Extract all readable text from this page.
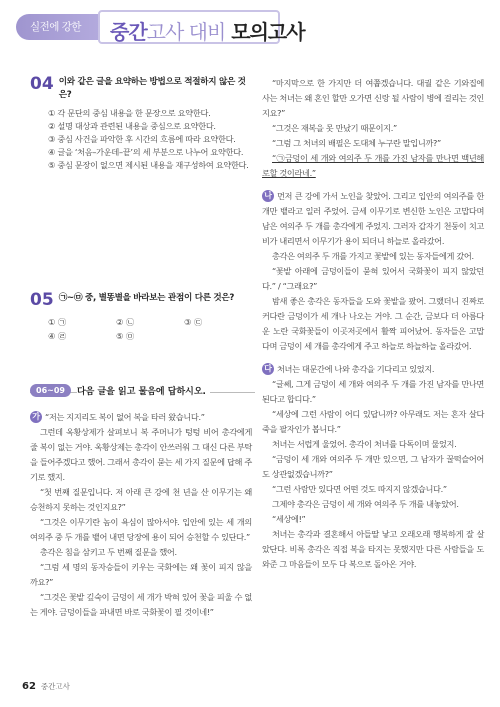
실전에 강한 중간고사 대비 모의고사
04 이와 같은 글을 요약하는 방법으로 적절하지 않은 것은?
① 각 문단의 중심 내용을 한 문장으로 요약한다.
② 설명 대상과 관련된 내용을 중심으로 요약한다.
③ 중심 사건을 파악한 후 시간의 흐름에 따라 요약한다.
④ 글을 ‘처음–가운데–끝’의 세 부분으로 나누어 요약한다.
⑤ 중심 문장이 없으면 제시된 내용을 재구성하여 요약한다.
05 ㉠~㉤ 중, 별똥별을 바라보는 관점이 다른 것은?
① ㉠	② ㉡	③ ㉢
④ ㉣	⑤ ㉤
06~09	다음 글을 읽고 물음에 답하시오.

가 “저는 지지리도 복이 없어 복을 타러 왔습니다.”

그런데 옥황상제가 살펴보니 복 주머니가 텅텅 비어 총각에게 줄 복이 없는 거야. 옥황상제는 총각이 안쓰러워 그 대신 다른 부탁을 들어주겠다고 했어. 그래서 총각이 묻는 세 가지 질문에 답해 주기로 했지.

“첫 번째 질문입니다. 저 아래 큰 강에 천 년을 산 이무기는 왜 승천하지 못하는 것인지요?”

“그것은 이무기란 놈이 욕심이 많아서야. 입안에 있는 세 개의 여의주 중 두 개를 뱉어 내면 당장에 용이 되어 승천할 수 있단다.”

총각은 침을 삼키고 두 번째 질문을 했어.

“그럼 세 명의 동자승들이 키우는 국화에는 왜 꽃이 피지 않을까요?”

“그것은 꽃밭 깊숙이 금덩이 세 개가 박혀 있어 꽃을 피울 수 없는 게야. 금덩이들을 파내면 바로 국화꽃이 필 것이네!”

“마지막으로 한 가지만 더 여쭙겠습니다. 대궐 같은 기와집에 사는 처녀는 왜 혼인 할만 오가면 신랑 될 사람이 병에 걸리는 것인지요?”

“그것은 재복을 못 만났기 때문이지.”

“그럼 그 처녀의 배필은 도대체 누구란 말입니까?”

“㉠금덩이 세 개와 여의주 두 개를 가진 남자를 만나면 백년해로할 것이라네.”

나 먼저 큰 강에 가서 노인을 찾았어. 그리고 입안의 여의주를 한 개만 뱉라고 일러 주었어. 금세 이무기로 변신한 노인은 고맙다며 남은 여의주 두 개를 총각에게 주었지. 그러자 갑자기 천둥이 치고 비가 내리면서 이무기가 용이 되더니 하늘로 올라갔어.

총각은 여의주 두 개를 가지고 꽃밭에 있는 동자들에게 갔어.

“꽃밭 아래에 금덩이들이 묻혀 있어서 국화꽃이 피지 않았던다.” / “그래요?”

밤새 좋은 총각은 동자들을 도와 꽃밭을 팠어. 그랬더니 진짜로 커다란 금덩이가 세 개나 나오는 거야. 그 순간, 금보다 더 아름다운 노란 국화꽃들이 이곳저곳에서 활짝 피어났어. 동자들은 고맙다며 금덩이 세 개를 총각에게 주고 하늘로 하늘하늘 올라갔어.

다 처녀는 대문간에 나와 총각을 기다리고 있었지.

“글쎄, 그게 금덩이 세 개와 여의주 두 개를 가진 남자를 만나면 된다고 합디다.”

“세상에 그런 사람이 어디 있답니까? 아무래도 저는 혼자 살다 죽을 팔자인가 봅니다.”

처녀는 서럽게 울었어. 총각이 처녀를 다독이며 물었지.

“금덩이 세 개와 여의주 두 개만 있으면, 그 남자가 꿀떡슬어어도 상관없겠습니까?”

“그런 사람만 있다면 어떤 것도 따지지 않겠습니다.”

그제야 총각은 금덩이 세 개와 여의주 두 개를 내놓았어.

“세상에!”

처녀는 총각과 결혼해서 아들딸 낳고 오래오래 행복하게 잘 살았단다. 비록 총각은 직접 복을 타지는 못했지만 다른 사람들을 도와준 그 마음들이 모두 다 복으로 돌아온 거야.

62 중간고사
